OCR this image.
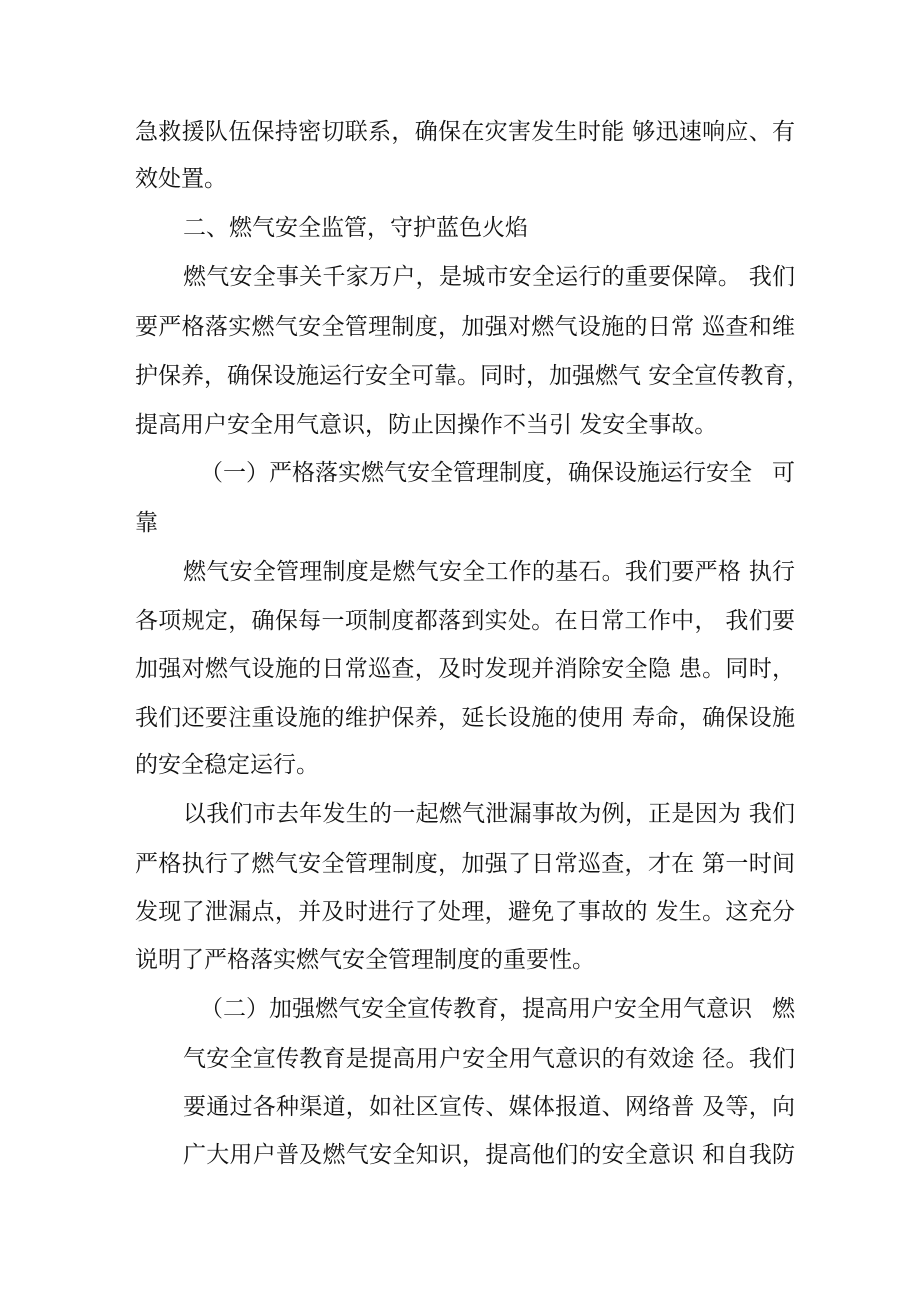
急救援队伍保持密切联系，确保在灾害发生时能 够迅速响应、有
效处置。
二、燃气安全监管，守护蓝色火焰
燃气安全事关千家万户，是城市安全运行的重要保障。 我们
要严格落实燃气安全管理制度，加强对燃气设施的日常 巡查和维
护保养，确保设施运行安全可靠。同时，加强燃气 安全宣传教育，
提高用户安全用气意识，防止因操作不当引 发安全事故。
（一）严格落实燃气安全管理制度，确保设施运行安全 可
靠
燃气安全管理制度是燃气安全工作的基石。我们要严格 执行
各项规定，确保每一项制度都落到实处。在日常工作中， 我们要
加强对燃气设施的日常巡查，及时发现并消除安全隐 患。同时，
我们还要注重设施的维护保养，延长设施的使用 寿命，确保设施
的安全稳定运行。
以我们市去年发生的一起燃气泄漏事故为例，正是因为 我们
严格执行了燃气安全管理制度，加强了日常巡查，才在 第一时间
发现了泄漏点，并及时进行了处理，避免了事故的 发生。这充分
说明了严格落实燃气安全管理制度的重要性。
（二）加强燃气安全宣传教育，提高用户安全用气意识 燃
气安全宣传教育是提高用户安全用气意识的有效途 径。我们
要通过各种渠道，如社区宣传、媒体报道、网络普 及等，向
广大用户普及燃气安全知识，提高他们的安全意识 和自我防
